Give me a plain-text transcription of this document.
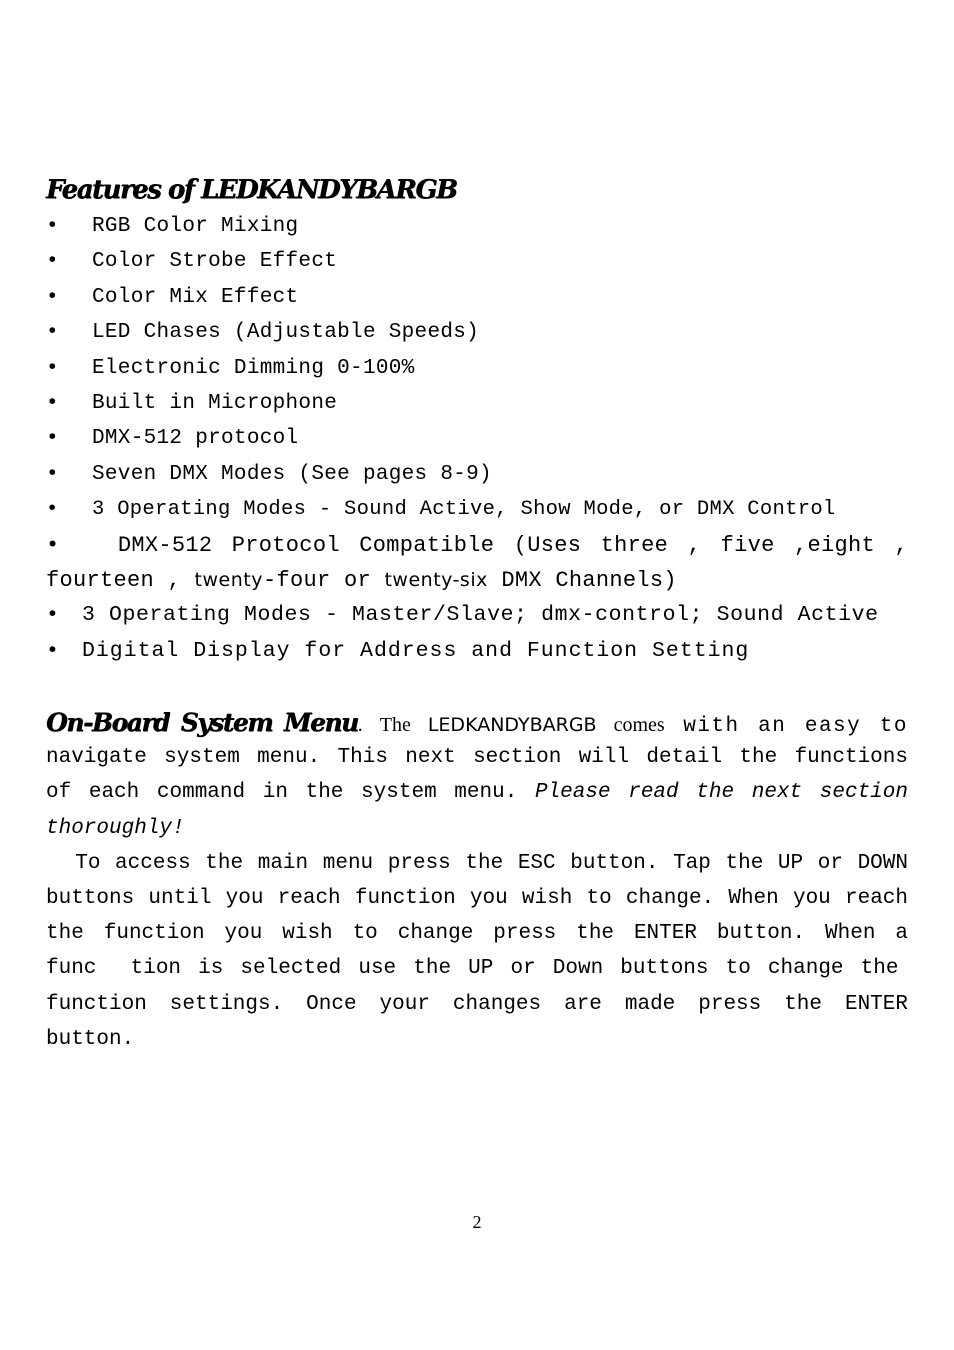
Features of LEDKANDYBARGB
• RGB Color Mixing
• Color Strobe Effect
• Color Mix Effect
• LED Chases (Adjustable Speeds)
• Electronic Dimming 0-100%
• Built in Microphone
• DMX-512 protocol
• Seven DMX Modes (See pages 8-9)
• 3 Operating Modes - Sound Active, Show Mode, or DMX Control
•	DMX-512 Protocol Compatible (Uses three , five ,eight ,
fourteen , twenty-four or twenty-six DMX Channels)
• 3 Operating Modes - Master/Slave; dmx-control; Sound Active
• Digital Display for Address and Function Setting

On-Board System Menu. The LEDKANDYBARGB comes with an easy to
navigate system menu. This next section will detail the functions
of each command in the system menu. Please read the next section
thoroughly!

To access the main menu press the ESC button. Tap the UP or DOWN
buttons until you reach function you wish to change. When you reach
the function you wish to change press the ENTER button. When a
func  tion is selected use the UP or Down buttons to change the
function settings. Once your changes are made press the ENTER
button.

2
